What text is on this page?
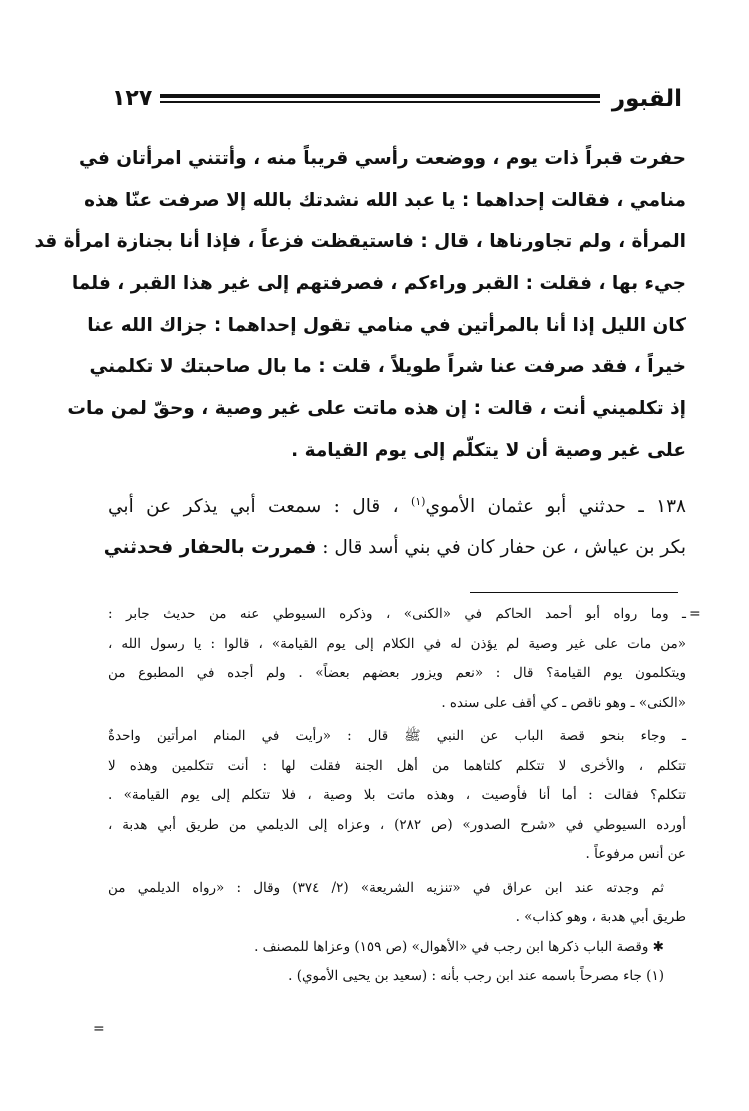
القبور
١٢٧
حفرت قبراً ذات يوم ، ووضعت رأسي قريباً منه ، وأتتني امرأتان في
منامي ، فقالت إحداهما : يا عبد الله نشدتك بالله إلا صرفت عنّا هذه
المرأة ، ولم تجاورناها ، قال : فاستيقظت فزعاً ، فإذا أنا بجنازة امرأة قد
جيء بها ، فقلت : القبر وراءكم ، فصرفتهم إلى غير هذا القبر ، فلما
كان الليل إذا أنا بالمرأتين في منامي تقول إحداهما : جزاك الله عنا
خيراً ، فقد صرفت عنا شراً طويلاً ، قلت : ما بال صاحبتك لا تكلمني
إذ تكلميني أنت ، قالت : إن هذه ماتت على غير وصية ، وحقّ لمن مات
على غير وصية أن لا يتكلّم إلى يوم القيامة .
١٣٨ ـ حدثني أبو عثمان الأموي$^{(١)}$ ، قال : سمعت أبي يذكر عن أبي
بكر بن عياش ، عن حفار كان في بني أسد قال : فمررت بالحفار فحدثني
=
=
ـ وما رواه أبو أحمد الحاكم في «الكنى» ، وذكره السيوطي عنه من حديث جابر :
«من مات على غير وصية لم يؤذن له في الكلام إلى يوم القيامة» ، قالوا : يا رسول الله ،
ويتكلمون يوم القيامة؟ قال : «نعم ويزور بعضهم بعضاً» . ولم أجده في المطبوع من
«الكنى» ـ وهو ناقص ـ كي أقف على سنده .
ـ وجاء بنحو قصة الباب عن النبي ﷺ قال : «رأيت في المنام امرأتين واحدةٌ
تتكلم ، والأخرى لا تتكلم كلتاهما من أهل الجنة فقلت لها : أنت تتكلمين وهذه لا
تتكلم؟ فقالت : أما أنا فأوصيت ، وهذه ماتت بلا وصية ، فلا تتكلم إلى يوم القيامة» .
أورده السيوطي في «شرح الصدور» (ص ٢٨٢) ، وعزاه إلى الديلمي من طريق أبي هدبة ،
عن أنس مرفوعاً .
ثم وجدته عند ابن عراق في «تنزيه الشريعة» (٢/ ٣٧٤) وقال : «رواه الديلمي من
طريق أبي هدبة ، وهو كذاب» .
✱ وقصة الباب ذكرها ابن رجب في «الأهوال» (ص ١٥٩) وعزاها للمصنف .
(١) جاء مصرحاً باسمه عند ابن رجب بأنه : (سعيد بن يحيى الأموي) .
